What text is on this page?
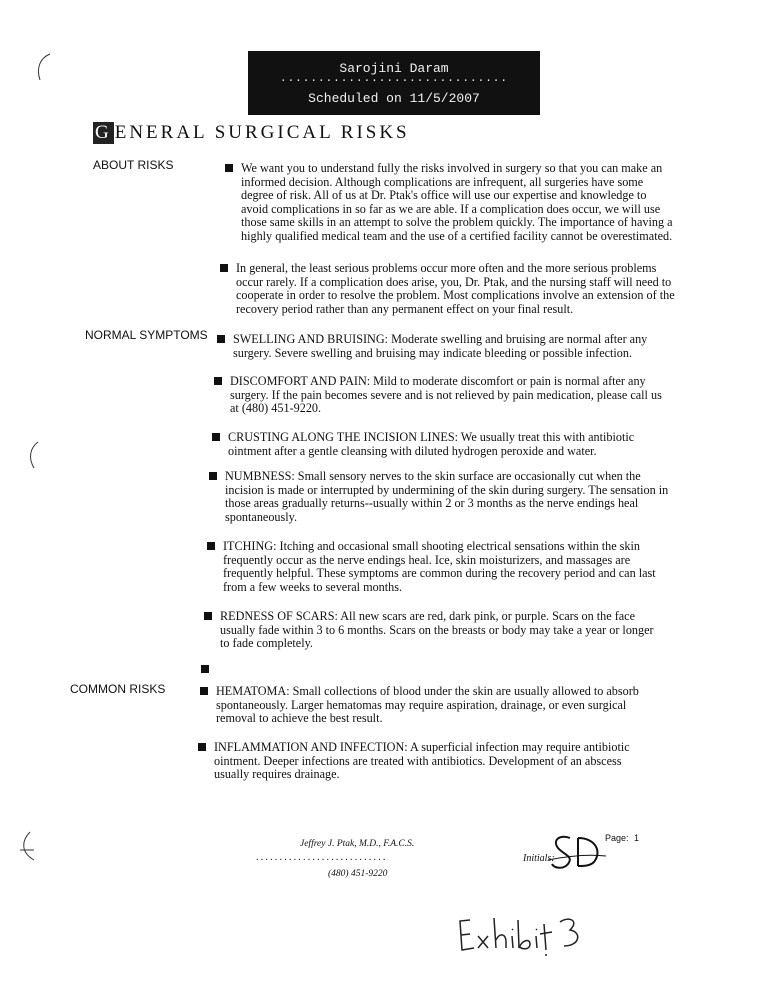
Sarojini Daram
..............................
Scheduled on 11/5/2007
G ENERAL SURGICAL RISKS
ABOUT RISKS
NORMAL SYMPTOMS
COMMON RISKS
We want you to understand fully the risks involved in surgery so that you can make an informed decision. Although complications are infrequent, all surgeries have some degree of risk. All of us at Dr. Ptak's office will use our expertise and knowledge to avoid complications in so far as we are able. If a complication does occur, we will use those same skills in an attempt to solve the problem quickly. The importance of having a highly qualified medical team and the use of a certified facility cannot be overestimated.
In general, the least serious problems occur more often and the more serious problems occur rarely. If a complication does arise, you, Dr. Ptak, and the nursing staff will need to cooperate in order to resolve the problem. Most complications involve an extension of the recovery period rather than any permanent effect on your final result.
SWELLING AND BRUISING: Moderate swelling and bruising are normal after any surgery. Severe swelling and bruising may indicate bleeding or possible infection.
DISCOMFORT AND PAIN: Mild to moderate discomfort or pain is normal after any surgery. If the pain becomes severe and is not relieved by pain medication, please call us at (480) 451-9220.
CRUSTING ALONG THE INCISION LINES: We usually treat this with antibiotic ointment after a gentle cleansing with diluted hydrogen peroxide and water.
NUMBNESS: Small sensory nerves to the skin surface are occasionally cut when the incision is made or interrupted by undermining of the skin during surgery. The sensation in those areas gradually returns--usually within 2 or 3 months as the nerve endings heal spontaneously.
ITCHING: Itching and occasional small shooting electrical sensations within the skin frequently occur as the nerve endings heal. Ice, skin moisturizers, and massages are frequently helpful. These symptoms are common during the recovery period and can last from a few weeks to several months.
REDNESS OF SCARS: All new scars are red, dark pink, or purple. Scars on the face usually fade within 3 to 6 months. Scars on the breasts or body may take a year or longer to fade completely.
HEMATOMA: Small collections of blood under the skin are usually allowed to absorb spontaneously. Larger hematomas may require aspiration, drainage, or even surgical removal to achieve the best result.
INFLAMMATION AND INFECTION: A superficial infection may require antibiotic ointment. Deeper infections are treated with antibiotics. Development of an abscess usually requires drainage.
Jeffrey J. Ptak, M.D., F.A.C.S.
............................
(480) 451-9220
Page: 1
Initials:
